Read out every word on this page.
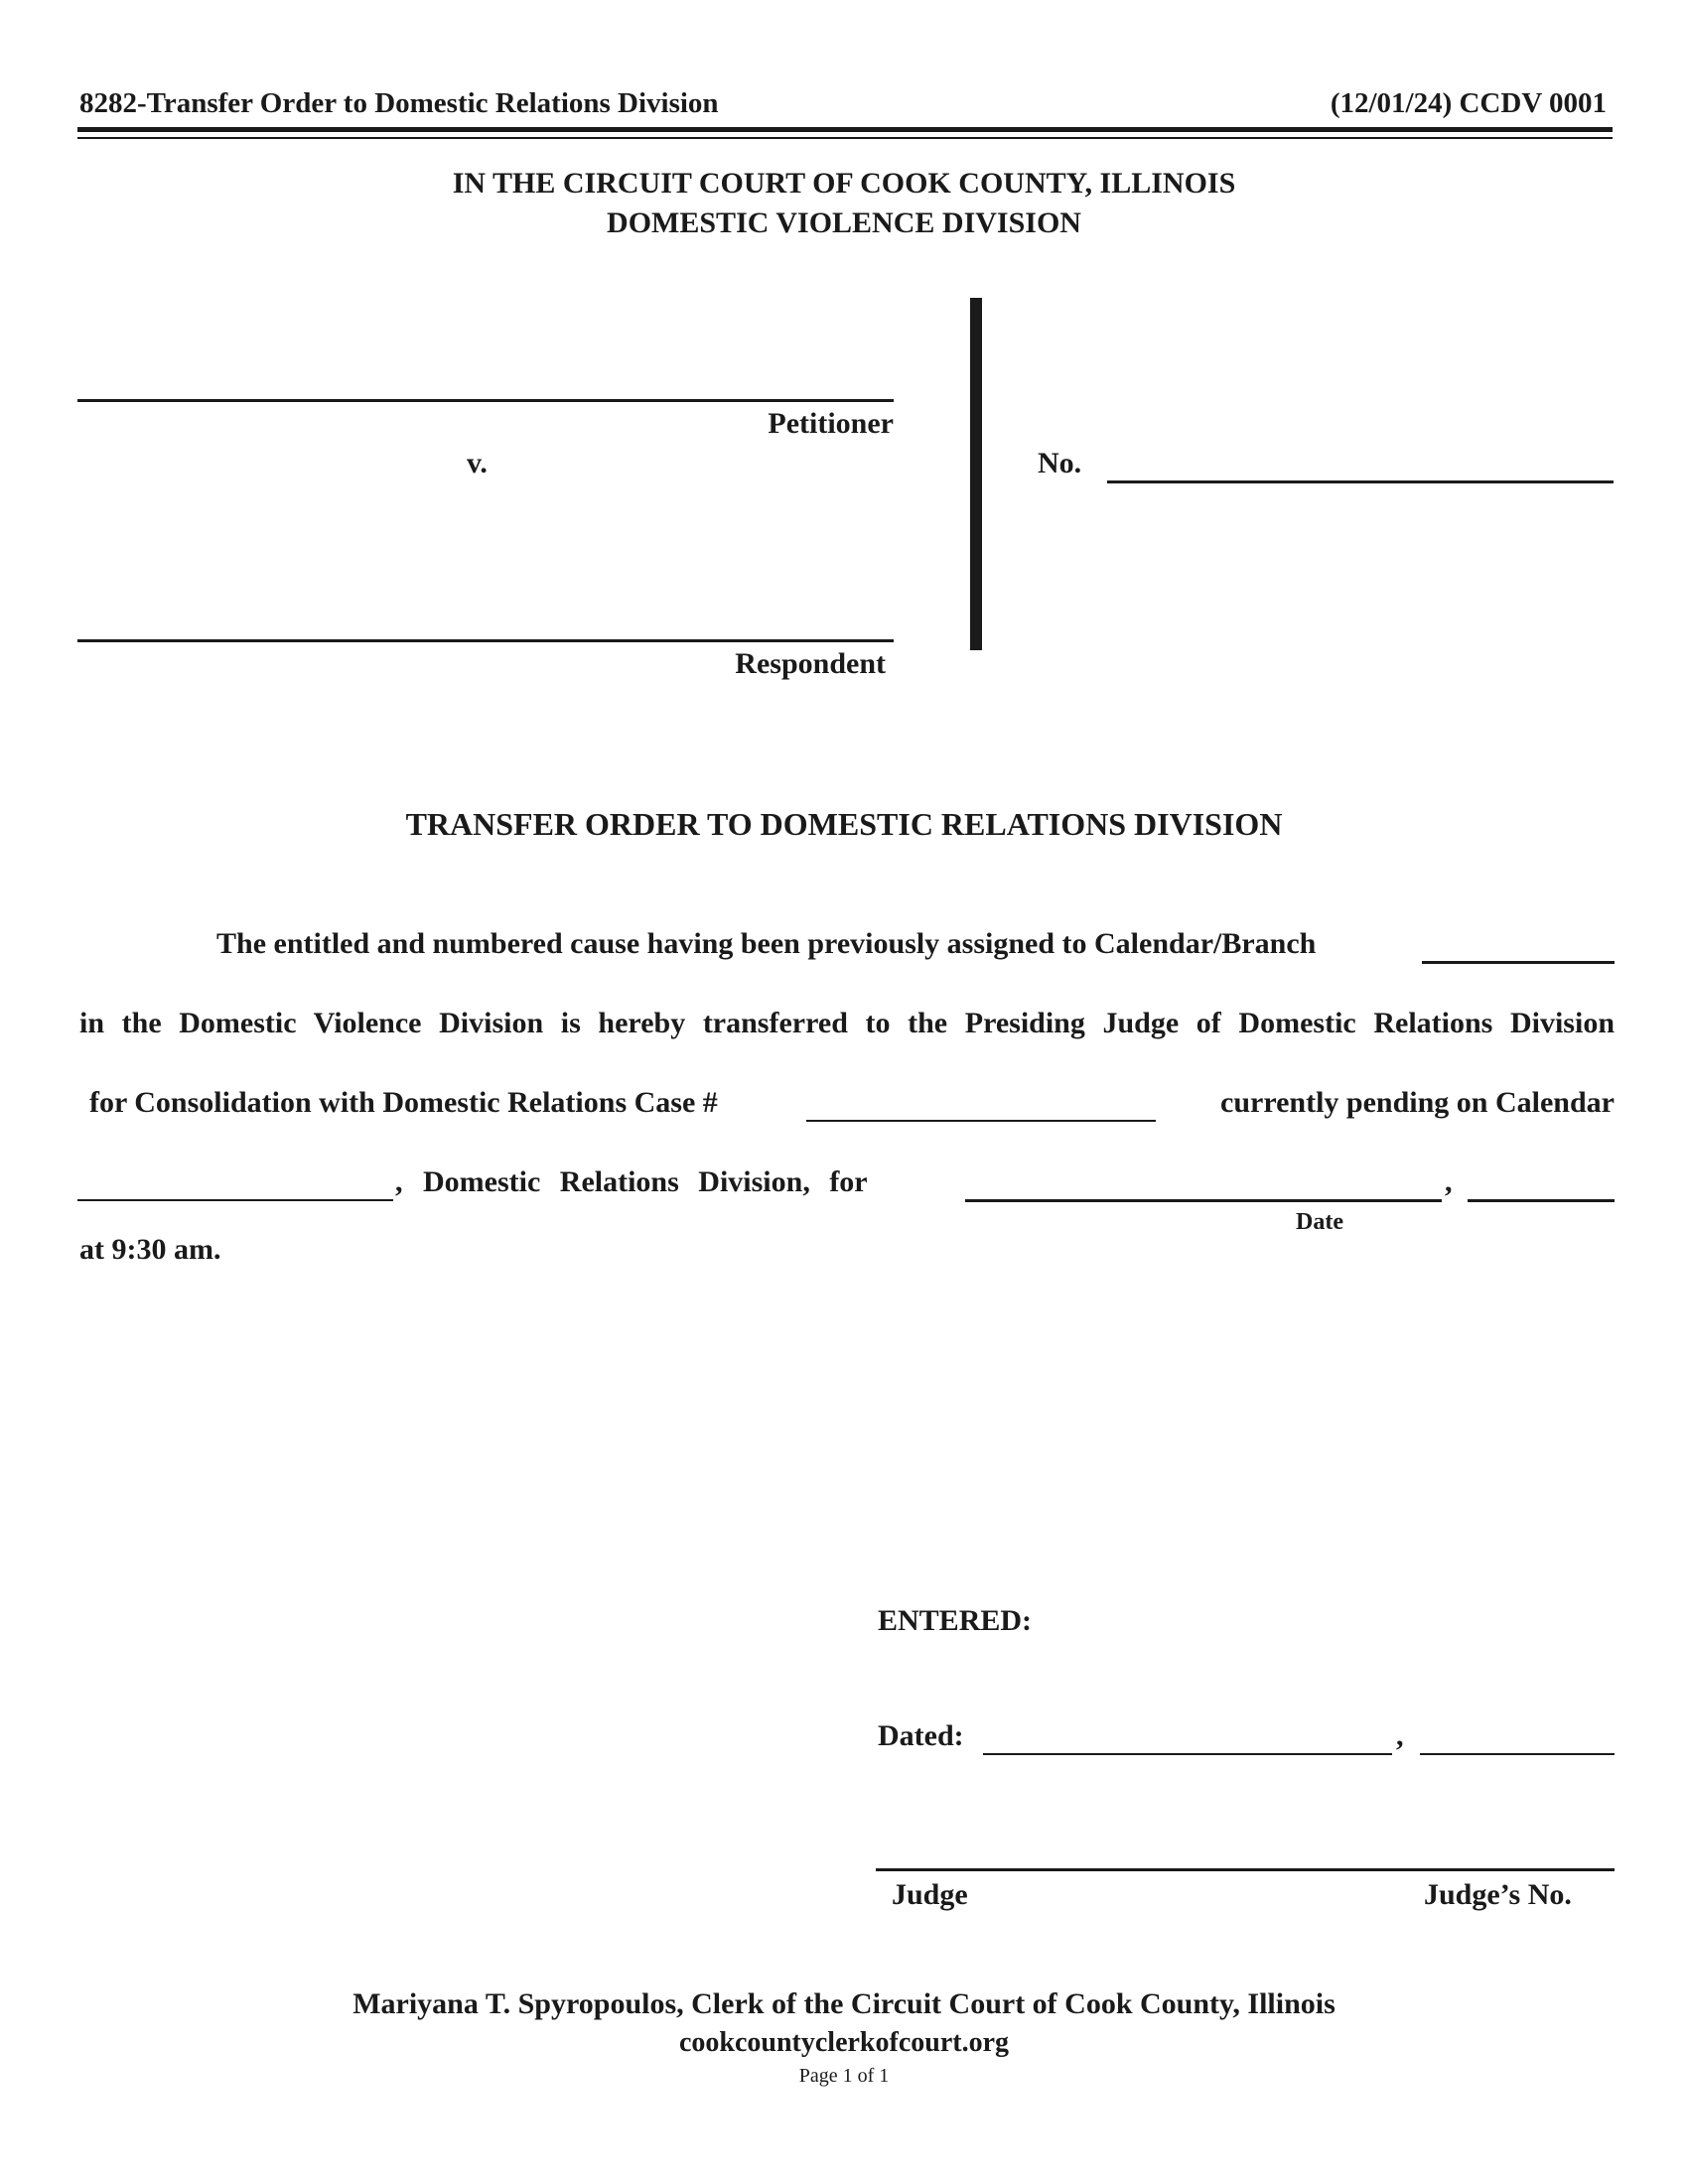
8282-Transfer Order to Domestic Relations Division	(12/01/24) CCDV 0001
IN THE CIRCUIT COURT OF COOK COUNTY, ILLINOIS
DOMESTIC VIOLENCE DIVISION
Petitioner
v.
Respondent
No.
TRANSFER ORDER TO DOMESTIC RELATIONS DIVISION
The entitled and numbered cause having been previously assigned to Calendar/Branch
in the Domestic Violence Division is hereby transferred to the Presiding Judge of Domestic Relations Division
for Consolidation with Domestic Relations Case #	currently pending on Calendar
, Domestic Relations Division, for	,
Date
at 9:30 am.
ENTERED:
Dated:	,
Judge	Judge’s No.
Mariyana T. Spyropoulos, Clerk of the Circuit Court of Cook County, Illinois
cookcountyclerkofcourt.org
Page 1 of 1
